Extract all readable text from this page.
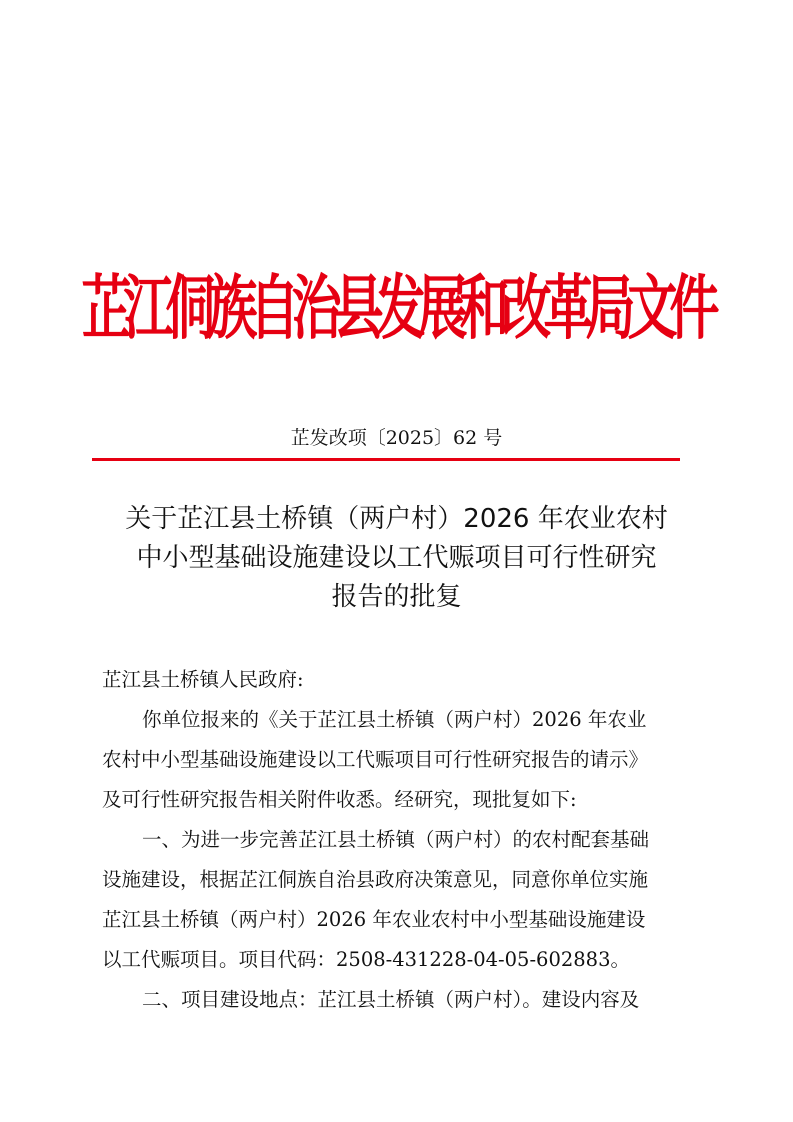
芷江侗族自治县发展和改革局文件
芷发改项〔2025〕62 号
关于芷江县土桥镇（两户村）2026 年农业农村
中小型基础设施建设以工代赈项目可行性研究
报告的批复
芷江县土桥镇人民政府:
你单位报来的《关于芷江县土桥镇（两户村）2026 年农业
农村中小型基础设施建设以工代赈项目可行性研究报告的请示》
及可行性研究报告相关附件收悉。经研究，现批复如下:
一、为进一步完善芷江县土桥镇（两户村）的农村配套基础
设施建设，根据芷江侗族自治县政府决策意见，同意你单位实施
芷江县土桥镇（两户村）2026 年农业农村中小型基础设施建设
以工代赈项目。项目代码：2508-431228-04-05-602883。
二、项目建设地点：芷江县土桥镇（两户村）。建设内容及
